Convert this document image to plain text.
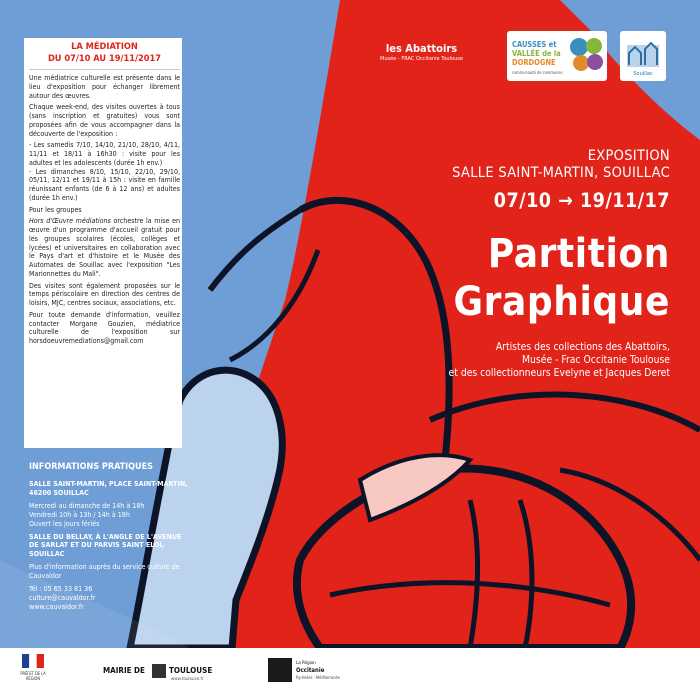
LA MÉDIATION

DU 07/10 AU 19/11/2017

Une médiatrice culturelle est présente dans le lieu d'exposition pour échanger librement autour des œuvres.

Chaque week-end, des visites ouvertes à tous (sans inscription et gratuites) vous sont proposées afin de vous accompagner dans la découverte de l'exposition :

- Les samedis 7/10, 14/10, 21/10, 28/10, 4/11, 11/11 et 18/11 à 16h30 : visite pour les adultes et les adolescents (durée 1h env.)

- Les dimanches 8/10, 15/10, 22/10, 29/10, 05/11, 12/11 et 19/11 à 15h : visite en famille réunissant enfants (de 6 à 12 ans) et adultes (durée 1h env.)

Pour les groupes

Hors d'Œuvre médiations orchestre la mise en œuvre d'un programme d'accueil gratuit pour les groupes scolaires (écoles, collèges et lycées) et universitaires en collaboration avec le Pays d'art et d'histoire et le Musée des Automates de Souillac avec l'exposition "Les Marionnettes du Mali".

Des visites sont également proposées sur le temps périscolaire en direction des centres de loisirs, MJC, centres sociaux, associations, etc.

Pour toute demande d'information, veuillez contacter Morgane Gouzien, médiatrice culturelle de l'exposition sur horsdoeuvremediations@gmail.com

INFORMATIONS PRATIQUES

SALLE SAINT-MARTIN, PLACE SAINT-MARTIN, 46200 SOUILLAC

Mercredi au dimanche de 14h à 18h

Vendredi 10h à 13h / 14h à 18h

Ouvert les jours fériés

SALLE DU BELLAY, À L'ANGLE DE L'AVENUE DE SARLAT ET DU PARVIS SAINT ELOI, SOUILLAC

Plus d'information auprès du service culture de Cauvaldor

Tél : 05 65 33 81 36

culture@cauvaldor.fr

www.cauvaldor.fr

les Abattoirs
Musée - FRAC Occitanie Toulouse
CAUSSES et
VALLÉE de la
DORDOGNE
communauté de communes	Souillac
EXPOSITION
SALLE SAINT-MARTIN, SOUILLAC
07/10 → 19/11/17
Partition
Graphique
Artistes des collections des Abattoirs,
Musée - Frac Occitanie Toulouse
et des collectionneurs Evelyne et Jacques Deret
PRÉFET DE LA RÉGION
MAIRIE DE	TOULOUSE
www.toulouse.fr
La Région
Occitanie
Pyrénées · Méditerranée
